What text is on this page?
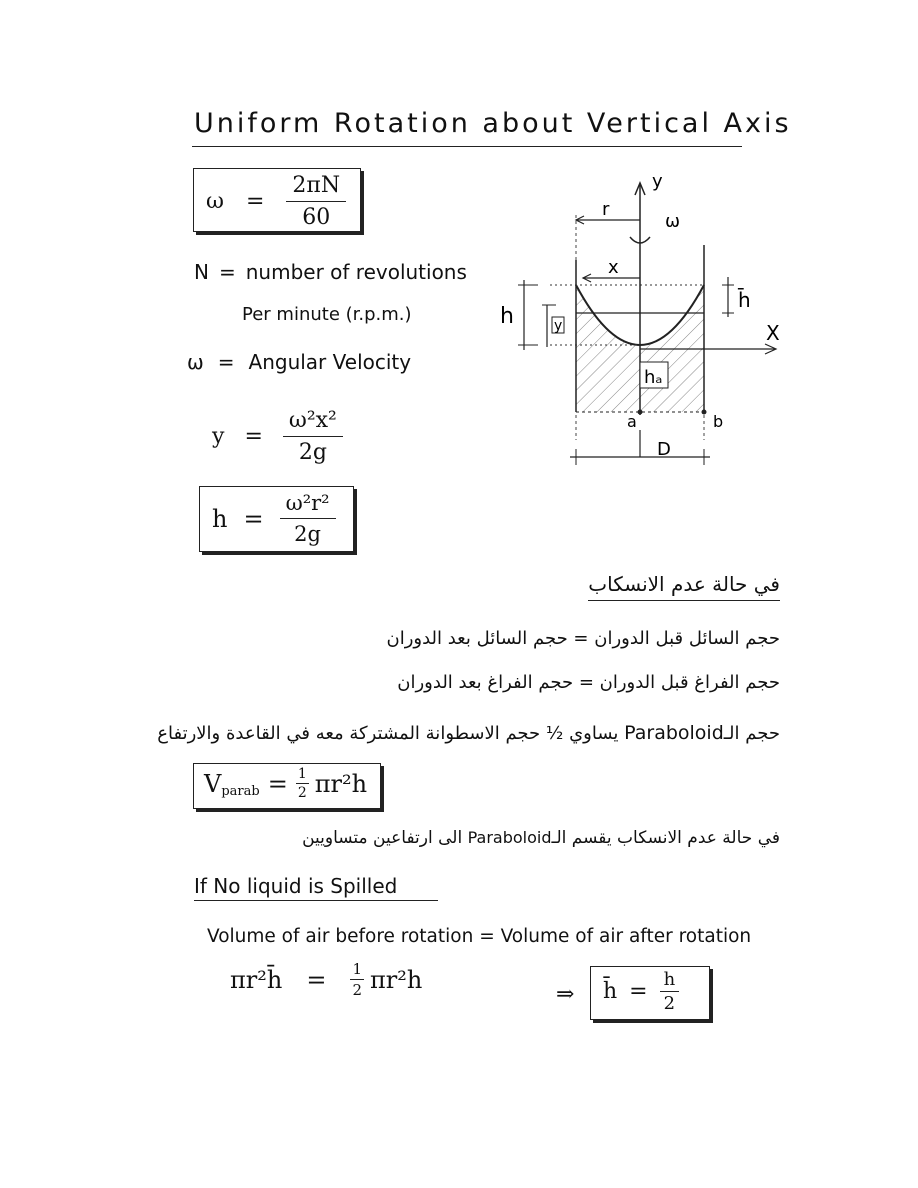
Uniform Rotation about Vertical Axis
$\omega = \frac{2\pi N}{60}$
N = number of revolutions
Per minute (r.p.m.)
ω = Angular Velocity
$y = \frac{\text{ω²x²}}{2g}$
$h = \frac{\text{ω²r²}}{2g}$
y
ω
r
x
h	y
h̄
X
hₐ
a	b
D
في حالة عدم الانسكاب
حجم السائل قبل الدوران = حجم السائل بعد الدوران
حجم الفراغ قبل الدوران = حجم الفراغ بعد الدوران
حجم الـParaboloid يساوي ½ حجم الاسطوانة المشتركة معه في القاعدة والارتفاع
V parab = $\frac{1}{2} \pi r^2h$
في حالة عدم الانسكاب يقسم الـParaboloid الى ارتفاعين متساويين
If No liquid is Spilled
Volume of air before rotation = Volume of air after rotation
πr²h̄ = $\frac{1}{2} \pi r^2h$
⇒ h̄ = $\frac{h}{2}$
